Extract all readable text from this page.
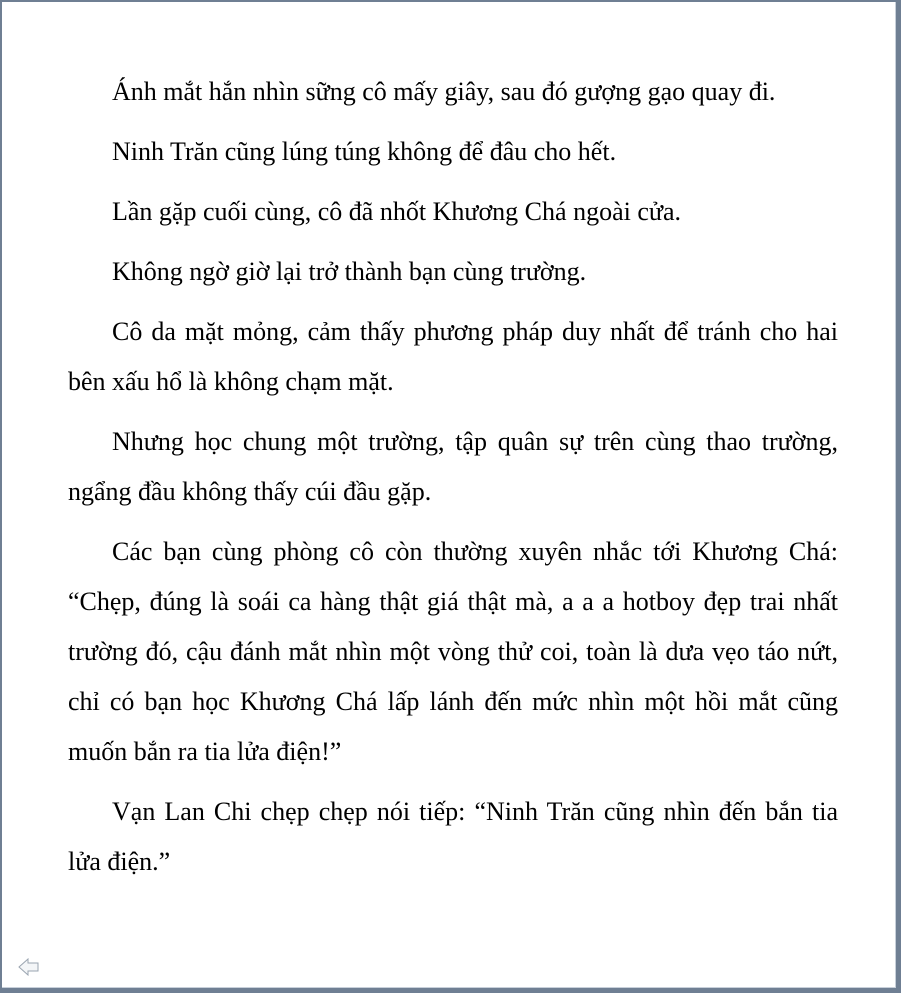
Ánh mắt hắn nhìn sững cô mấy giây, sau đó gượng gạo quay đi.

Ninh Trăn cũng lúng túng không để đâu cho hết.

Lần gặp cuối cùng, cô đã nhốt Khương Chá ngoài cửa.

Không ngờ giờ lại trở thành bạn cùng trường.

Cô da mặt mỏng, cảm thấy phương pháp duy nhất để tránh cho hai bên xấu hổ là không chạm mặt.

Nhưng học chung một trường, tập quân sự trên cùng thao trường, ngẩng đầu không thấy cúi đầu gặp.

Các bạn cùng phòng cô còn thường xuyên nhắc tới Khương Chá: “Chẹp, đúng là soái ca hàng thật giá thật mà, a a a hotboy đẹp trai nhất trường đó, cậu đánh mắt nhìn một vòng thử coi, toàn là dưa vẹo táo nứt, chỉ có bạn học Khương Chá lấp lánh đến mức nhìn một hồi mắt cũng muốn bắn ra tia lửa điện!”

Vạn Lan Chi chẹp chẹp nói tiếp: “Ninh Trăn cũng nhìn đến bắn tia lửa điện.”
